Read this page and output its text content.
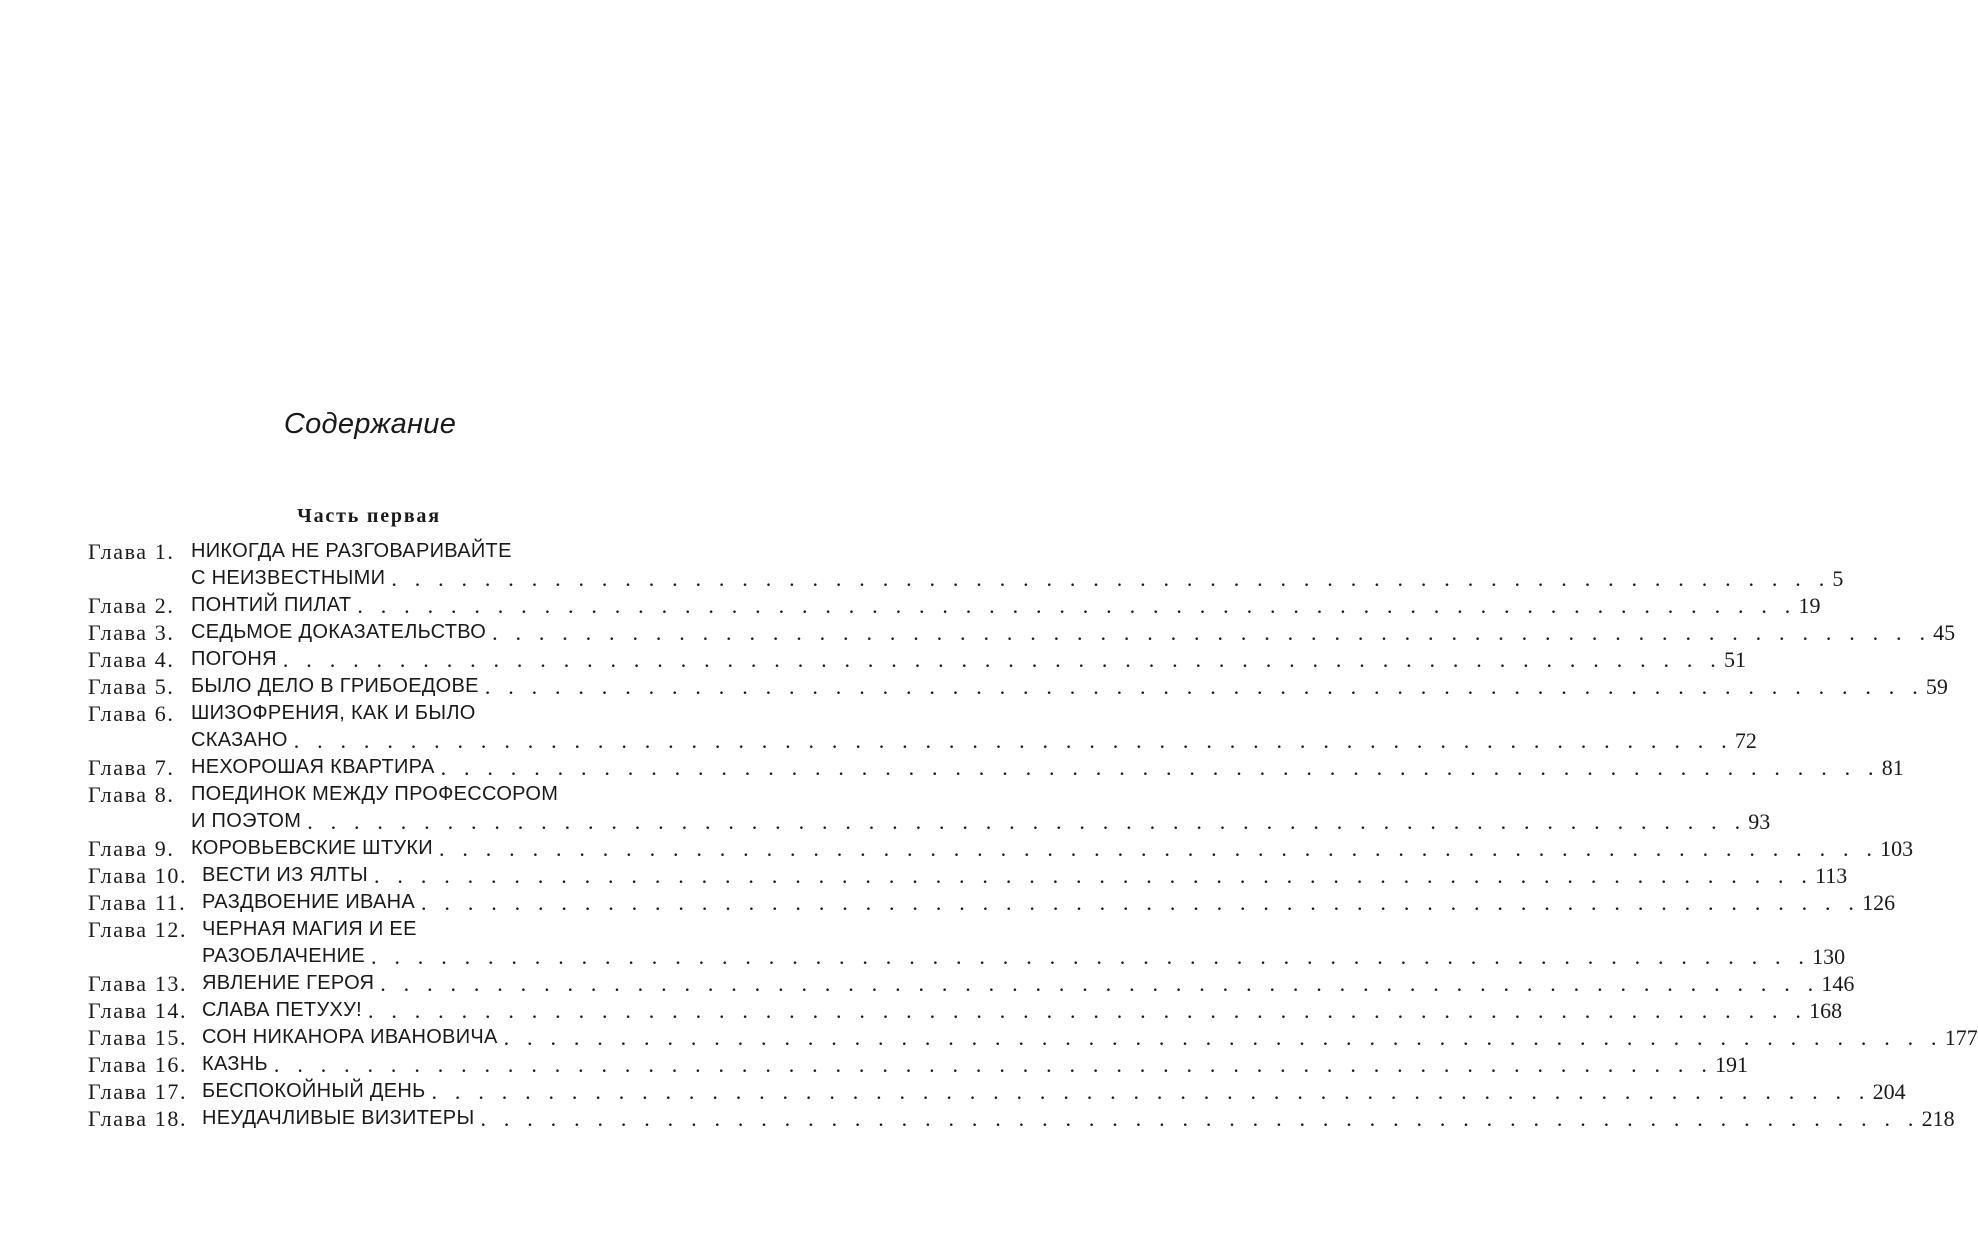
Содержание
Часть первая
Глава 1. НИКОГДА НЕ РАЗГОВАРИВАЙТЕ
С НЕИЗВЕСТНЫМИ . . . . . . . . . . . . . . . . . . . . . . . . . . . . . . . . . . . . . . . . . . . . . . . . . . . . . . . . . . . . . . 5
Глава 2. ПОНТИЙ ПИЛАТ . . . . . . . . . . . . . . . . . . . . . . . . . . . . . . . . . . . . . . . . . . . . . . . . . . . . . . . . . . . . . . 19
Глава 3. СЕДЬМОЕ ДОКАЗАТЕЛЬСТВО . . . . . . . . . . . . . . . . . . . . . . . . . . . . . . . . . . . . . . . . . . . . . . . . . . . . . . . . . . . . . . 45
Глава 4. ПОГОНЯ . . . . . . . . . . . . . . . . . . . . . . . . . . . . . . . . . . . . . . . . . . . . . . . . . . . . . . . . . . . . . . 51
Глава 5. БЫЛО ДЕЛО В ГРИБОЕДОВЕ . . . . . . . . . . . . . . . . . . . . . . . . . . . . . . . . . . . . . . . . . . . . . . . . . . . . . . . . . . . . . . 59
Глава 6. ШИЗОФРЕНИЯ, КАК И БЫЛО
СКАЗАНО . . . . . . . . . . . . . . . . . . . . . . . . . . . . . . . . . . . . . . . . . . . . . . . . . . . . . . . . . . . . . . 72
Глава 7. НЕХОРОШАЯ КВАРТИРА . . . . . . . . . . . . . . . . . . . . . . . . . . . . . . . . . . . . . . . . . . . . . . . . . . . . . . . . . . . . . . 81
Глава 8. ПОЕДИНОК МЕЖДУ ПРОФЕССОРОМ
И ПОЭТОМ . . . . . . . . . . . . . . . . . . . . . . . . . . . . . . . . . . . . . . . . . . . . . . . . . . . . . . . . . . . . . . 93
Глава 9. КОРОВЬЕВСКИЕ ШТУКИ . . . . . . . . . . . . . . . . . . . . . . . . . . . . . . . . . . . . . . . . . . . . . . . . . . . . . . . . . . . . . . 103
Глава 10. ВЕСТИ ИЗ ЯЛТЫ . . . . . . . . . . . . . . . . . . . . . . . . . . . . . . . . . . . . . . . . . . . . . . . . . . . . . . . . . . . . . . 113
Глава 11. РАЗДВОЕНИЕ ИВАНА . . . . . . . . . . . . . . . . . . . . . . . . . . . . . . . . . . . . . . . . . . . . . . . . . . . . . . . . . . . . . . 126
Глава 12. ЧЕРНАЯ МАГИЯ И ЕЕ
РАЗОБЛАЧЕНИЕ . . . . . . . . . . . . . . . . . . . . . . . . . . . . . . . . . . . . . . . . . . . . . . . . . . . . . . . . . . . . . . 130
Глава 13. ЯВЛЕНИЕ ГЕРОЯ . . . . . . . . . . . . . . . . . . . . . . . . . . . . . . . . . . . . . . . . . . . . . . . . . . . . . . . . . . . . . . 146
Глава 14. СЛАВА ПЕТУХУ! . . . . . . . . . . . . . . . . . . . . . . . . . . . . . . . . . . . . . . . . . . . . . . . . . . . . . . . . . . . . . . 168
Глава 15. СОН НИКАНОРА ИВАНОВИЧА . . . . . . . . . . . . . . . . . . . . . . . . . . . . . . . . . . . . . . . . . . . . . . . . . . . . . . . . . . . . . . 177
Глава 16. КАЗНЬ . . . . . . . . . . . . . . . . . . . . . . . . . . . . . . . . . . . . . . . . . . . . . . . . . . . . . . . . . . . . . . 191
Глава 17. БЕСПОКОЙНЫЙ ДЕНЬ . . . . . . . . . . . . . . . . . . . . . . . . . . . . . . . . . . . . . . . . . . . . . . . . . . . . . . . . . . . . . . 204
Глава 18. НЕУДАЧЛИВЫЕ ВИЗИТЕРЫ . . . . . . . . . . . . . . . . . . . . . . . . . . . . . . . . . . . . . . . . . . . . . . . . . . . . . . . . . . . . . . 218
